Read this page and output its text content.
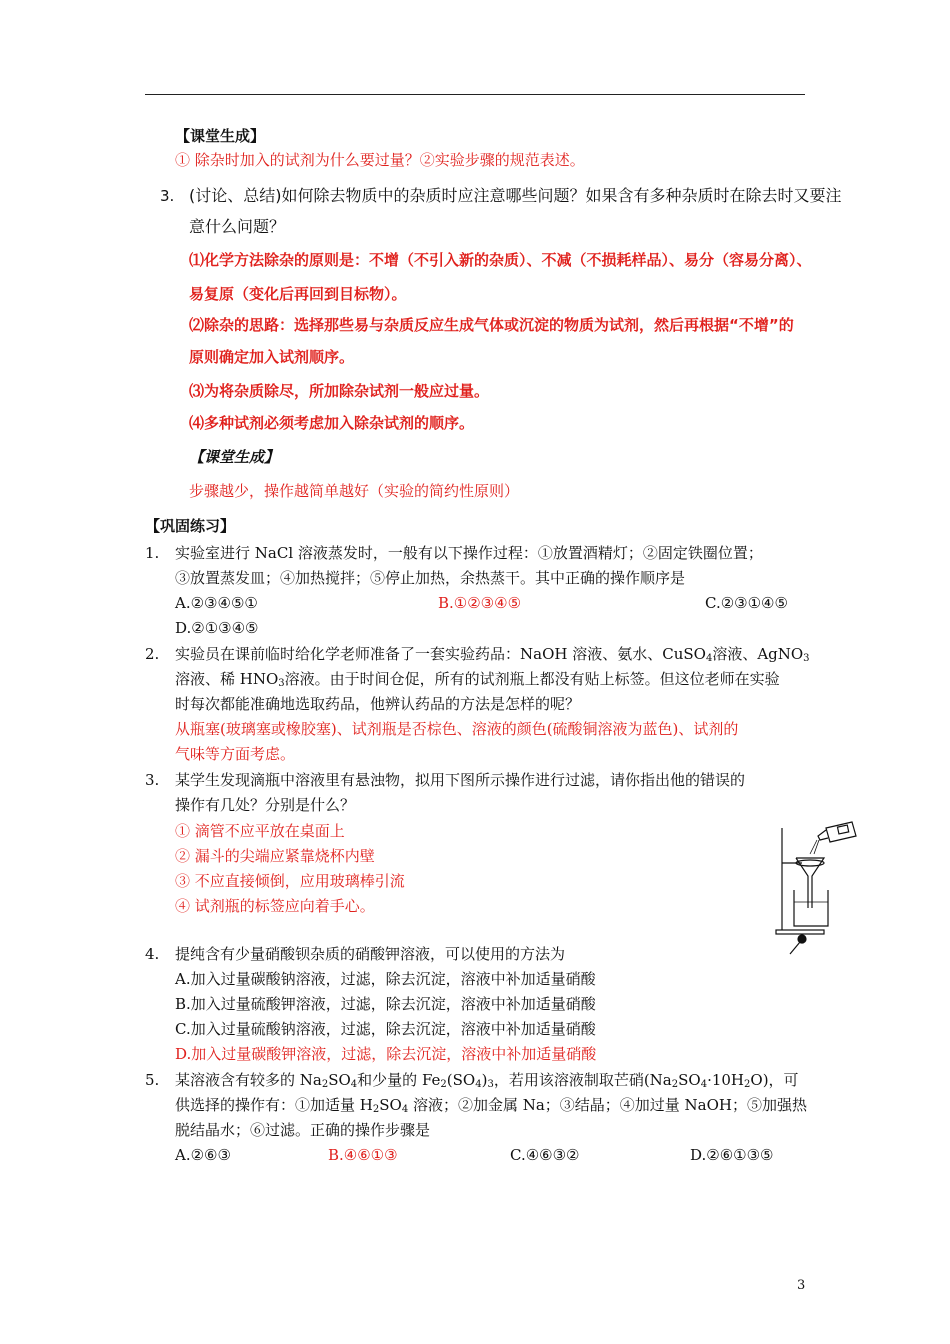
【课堂生成】
① 除杂时加入的试剂为什么要过量？②实验步骤的规范表述。
3. (讨论、总结)如何除去物质中的杂质时应注意哪些问题？如果含有多种杂质时在除去时又要注
意什么问题？
⑴化学方法除杂的原则是：不增（不引入新的杂质）、不减（不损耗样品）、易分（容易分离）、
易复原（变化后再回到目标物）。
⑵除杂的思路：选择那些易与杂质反应生成气体或沉淀的物质为试剂，然后再根据“不增”的
原则确定加入试剂顺序。
⑶为将杂质除尽，所加除杂试剂一般应过量。
⑷多种试剂必须考虑加入除杂试剂的顺序。
【课堂生成】
步骤越少，操作越简单越好（实验的简约性原则）
【巩固练习】
1. 实验室进行 NaCl 溶液蒸发时，一般有以下操作过程：①放置酒精灯；②固定铁圈位置；
③放置蒸发皿；④加热搅拌；⑤停止加热，余热蒸干。其中正确的操作顺序是
A.②③④⑤①	B.①②③④⑤	C.②③①④⑤
D.②①③④⑤
2. 实验员在课前临时给化学老师准备了一套实验药品：NaOH 溶液、氨水、CuSO$_4$溶液、AgNO$_3$
溶液、稀 $HNO_3$溶液。由于时间仓促，所有的试剂瓶上都没有贴上标签。但这位老师在实验
时每次都能准确地选取药品，他辨认药品的方法是怎样的呢？
从瓶塞(玻璃塞或橡胶塞)、试剂瓶是否棕色、溶液的颜色(硫酸铜溶液为蓝色)、试剂的
气味等方面考虑。
3. 某学生发现滴瓶中溶液里有悬浊物，拟用下图所示操作进行过滤，请你指出他的错误的
操作有几处？分别是什么？
① 滴管不应平放在桌面上
② 漏斗的尖端应紧靠烧杯内壁
③ 不应直接倾倒，应用玻璃棒引流
④ 试剂瓶的标签应向着手心。
4. 提纯含有少量硝酸钡杂质的硝酸钾溶液，可以使用的方法为
A.加入过量碳酸钠溶液，过滤，除去沉淀，溶液中补加适量硝酸
B.加入过量硫酸钾溶液，过滤，除去沉淀，溶液中补加适量硝酸
C.加入过量硫酸钠溶液，过滤，除去沉淀，溶液中补加适量硝酸
D.加入过量碳酸钾溶液，过滤，除去沉淀，溶液中补加适量硝酸
5. 某溶液含有较多的 $Na_2SO_4$和少量的 $Fe_2(SO_4)_3$，若用该溶液制取芒硝$(Na_2SO_4\cdot 10H_2O)$，可
供选择的操作有：①加适量 $H_2SO_4$ 溶液；②加金属 Na；③结晶；④加过量 NaOH；⑤加强热
脱结晶水；⑥过滤。正确的操作步骤是
A.②⑥③	B.④⑥①③	C.④⑥③②	D.②⑥①③⑤
3
